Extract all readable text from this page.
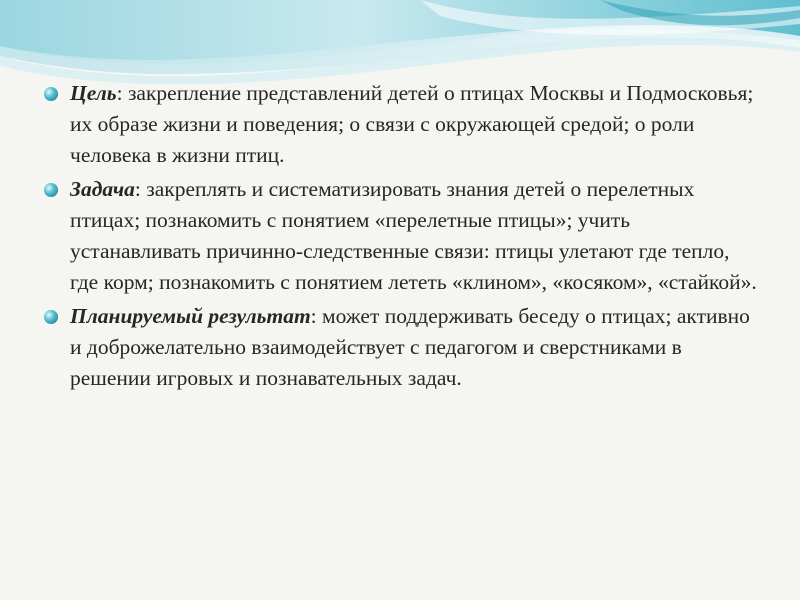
Цель: закрепление представлений детей о птицах Москвы и Подмосковья; их образе жизни и поведения; о связи с окружающей средой; о роли человека в жизни птиц.
Задача: закреплять и систематизировать знания детей о перелетных птицах; познакомить с понятием «перелетные птицы»; учить устанавливать причинно-следственные связи: птицы улетают где тепло, где корм; познакомить с понятием лететь «клином», «косяком», «стайкой».
Планируемый результат: может поддерживать беседу о птицах; активно и доброжелательно взаимодействует с педагогом и сверстниками в решении игровых и познавательных задач.
